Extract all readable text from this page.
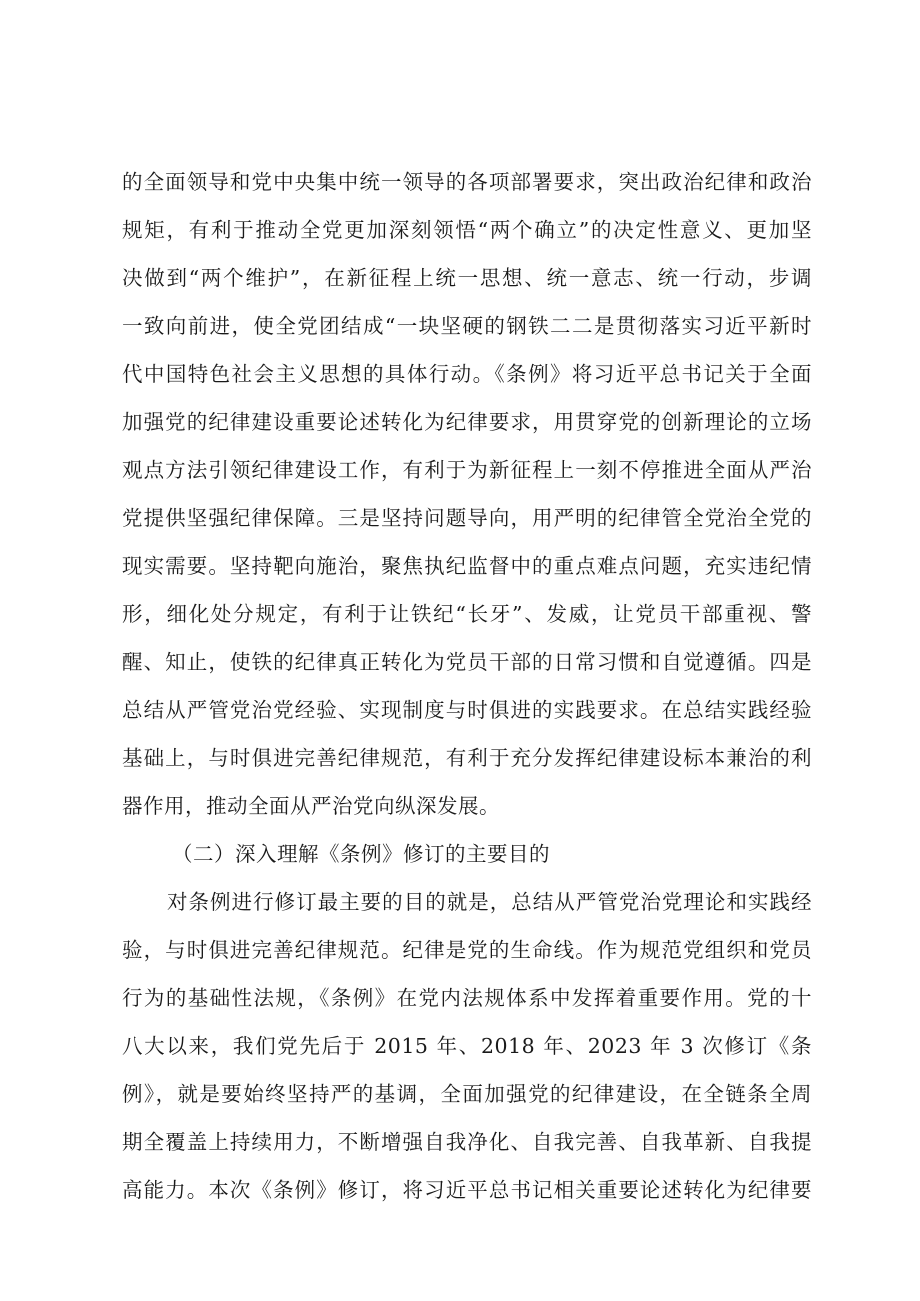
的全面领导和党中央集中统一领导的各项部署要求，突出政治纪律和政治
规矩，有利于推动全党更加深刻领悟“两个确立”的决定性意义、更加坚
决做到“两个维护”，在新征程上统一思想、统一意志、统一行动，步调
一致向前进，使全党团结成“一块坚硬的钢铁二二是贯彻落实习近平新时
代中国特色社会主义思想的具体行动。《条例》将习近平总书记关于全面
加强党的纪律建设重要论述转化为纪律要求，用贯穿党的创新理论的立场
观点方法引领纪律建设工作，有利于为新征程上一刻不停推进全面从严治
党提供坚强纪律保障。三是坚持问题导向，用严明的纪律管全党治全党的
现实需要。坚持靶向施治，聚焦执纪监督中的重点难点问题，充实违纪情
形，细化处分规定，有利于让铁纪“长牙”、发威，让党员干部重视、警
醒、知止，使铁的纪律真正转化为党员干部的日常习惯和自觉遵循。四是
总结从严管党治党经验、实现制度与时俱进的实践要求。在总结实践经验
基础上，与时俱进完善纪律规范，有利于充分发挥纪律建设标本兼治的利
器作用，推动全面从严治党向纵深发展。
（二）深入理解《条例》修订的主要目的
对条例进行修订最主要的目的就是，总结从严管党治党理论和实践经
验，与时俱进完善纪律规范。纪律是党的生命线。作为规范党组织和党员
行为的基础性法规，《条例》在党内法规体系中发挥着重要作用。党的十
八大以来，我们党先后于 2015 年、2018 年、2023 年 3 次修订《条
例》，就是要始终坚持严的基调，全面加强党的纪律建设，在全链条全周
期全覆盖上持续用力，不断增强自我净化、自我完善、自我革新、自我提
高能力。本次《条例》修订，将习近平总书记相关重要论述转化为纪律要
